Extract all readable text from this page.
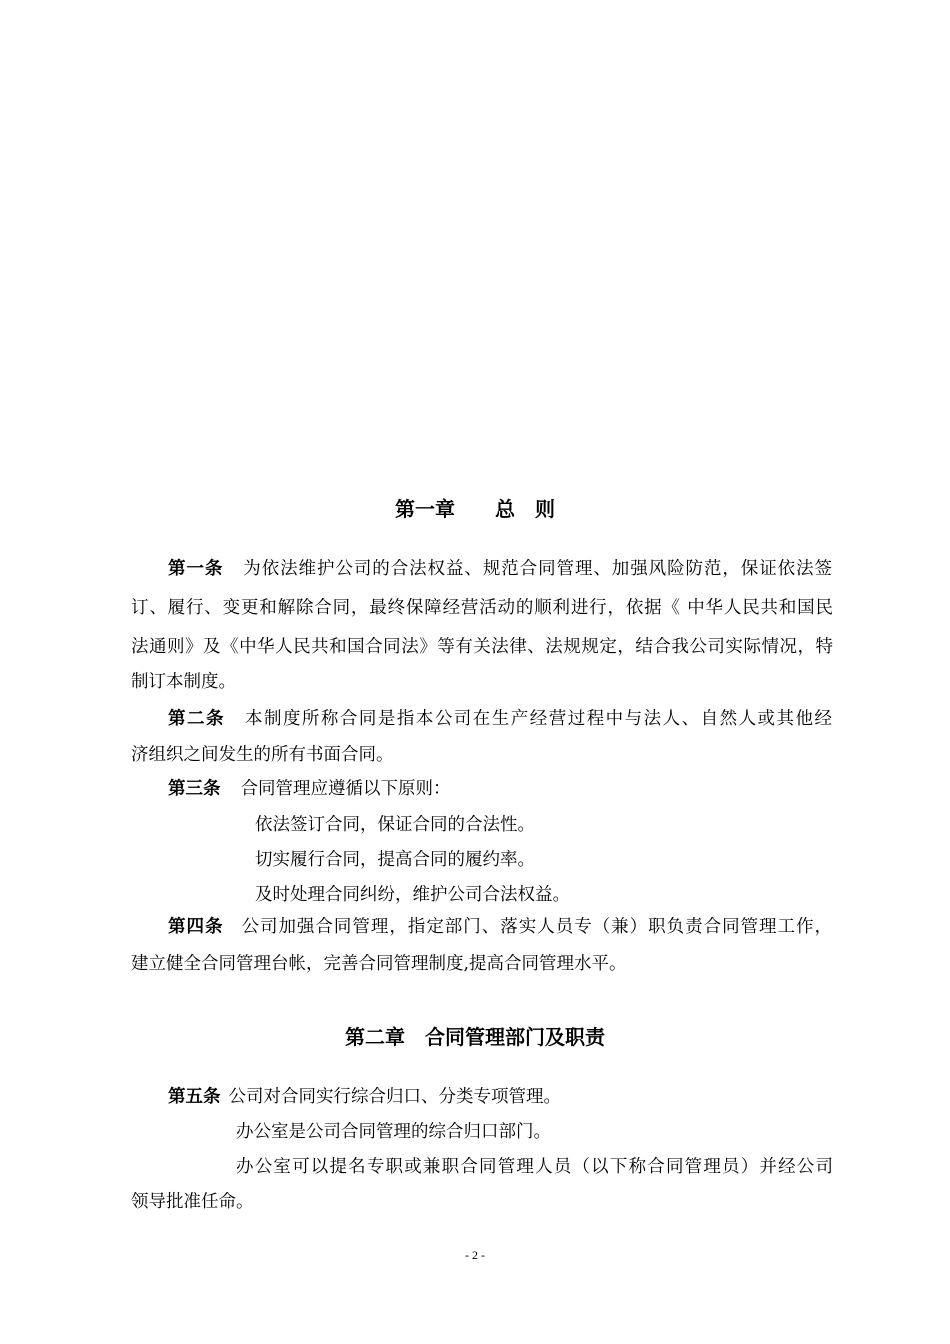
第一章　　总　则
第一条 为依法维护公司的合法权益、规范合同管理、加强风险防范，保证依法签
订、履行、变更和解除合同，最终保障经营活动的顺利进行，依据《 中华人民共和国民
法通则》及《中华人民共和国合同法》等有关法律、法规规定，结合我公司实际情况，特
制订本制度。
第二条 本制度所称合同是指本公司在生产经营过程中与法人、自然人或其他经
济组织之间发生的所有书面合同。
第三条 合同管理应遵循以下原则：
依法签订合同，保证合同的合法性。
切实履行合同，提高合同的履约率。
及时处理合同纠纷，维护公司合法权益。
第四条 公司加强合同管理，指定部门、落实人员专（兼）职负责合同管理工作，
建立健全合同管理台帐，完善合同管理制度,提高合同管理水平。
第二章　合同管理部门及职责
第五条 公司对合同实行综合归口、分类专项管理。
办公室是公司合同管理的综合归口部门。
办公室可以提名专职或兼职合同管理人员（以下称合同管理员）并经公司
领导批准任命。
- 2 -
